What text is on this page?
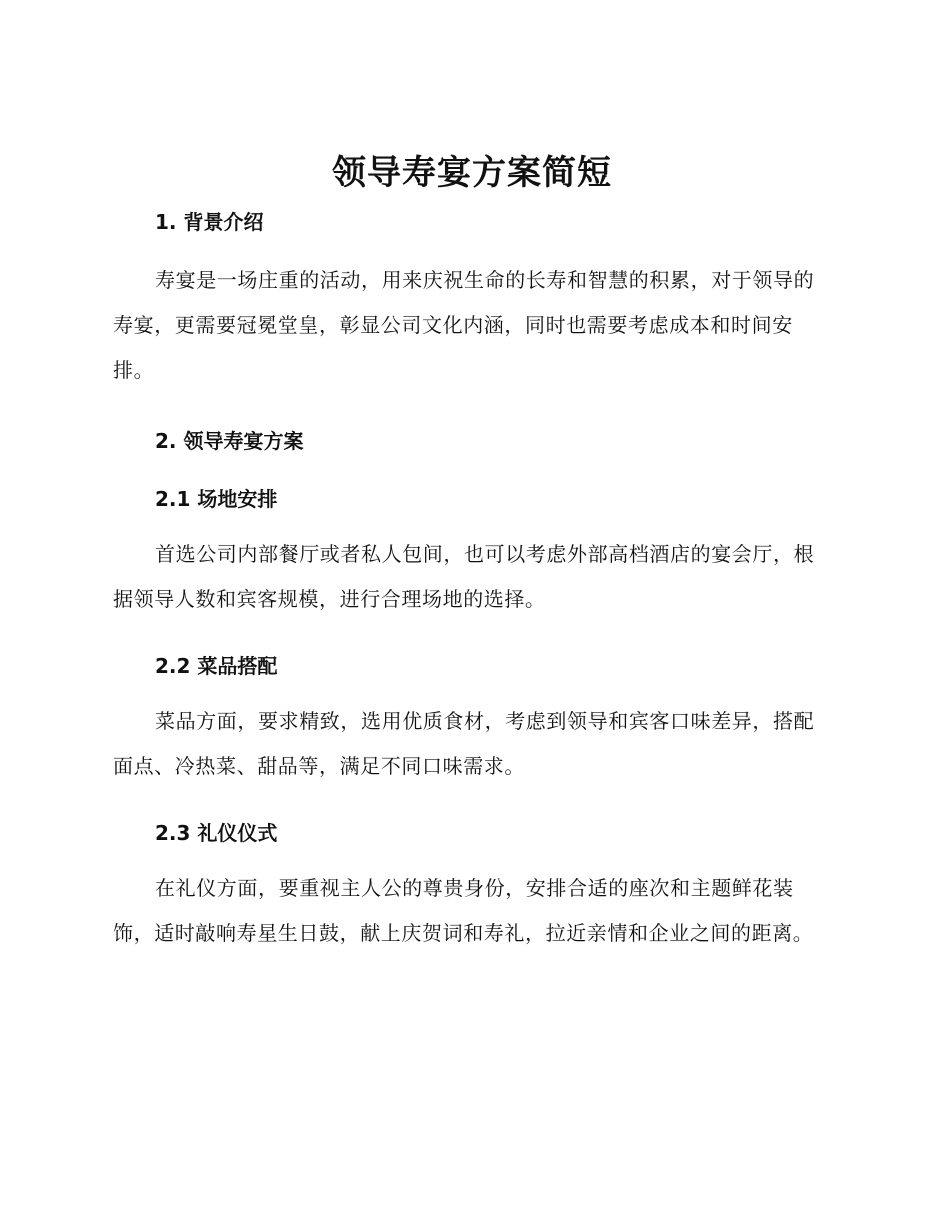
领导寿宴方案简短
1. 背景介绍

寿宴是一场庄重的活动，用来庆祝生命的长寿和智慧的积累，对于领导的寿宴，更需要冠冕堂皇，彰显公司文化内涵，同时也需要考虑成本和时间安排。

2. 领导寿宴方案
2.1 场地安排

首选公司内部餐厅或者私人包间，也可以考虑外部高档酒店的宴会厅，根据领导人数和宾客规模，进行合理场地的选择。

2.2 菜品搭配

菜品方面，要求精致，选用优质食材，考虑到领导和宾客口味差异，搭配面点、冷热菜、甜品等，满足不同口味需求。

2.3 礼仪仪式

在礼仪方面，要重视主人公的尊贵身份，安排合适的座次和主题鲜花装饰，适时敲响寿星生日鼓，献上庆贺词和寿礼，拉近亲情和企业之间的距离。
